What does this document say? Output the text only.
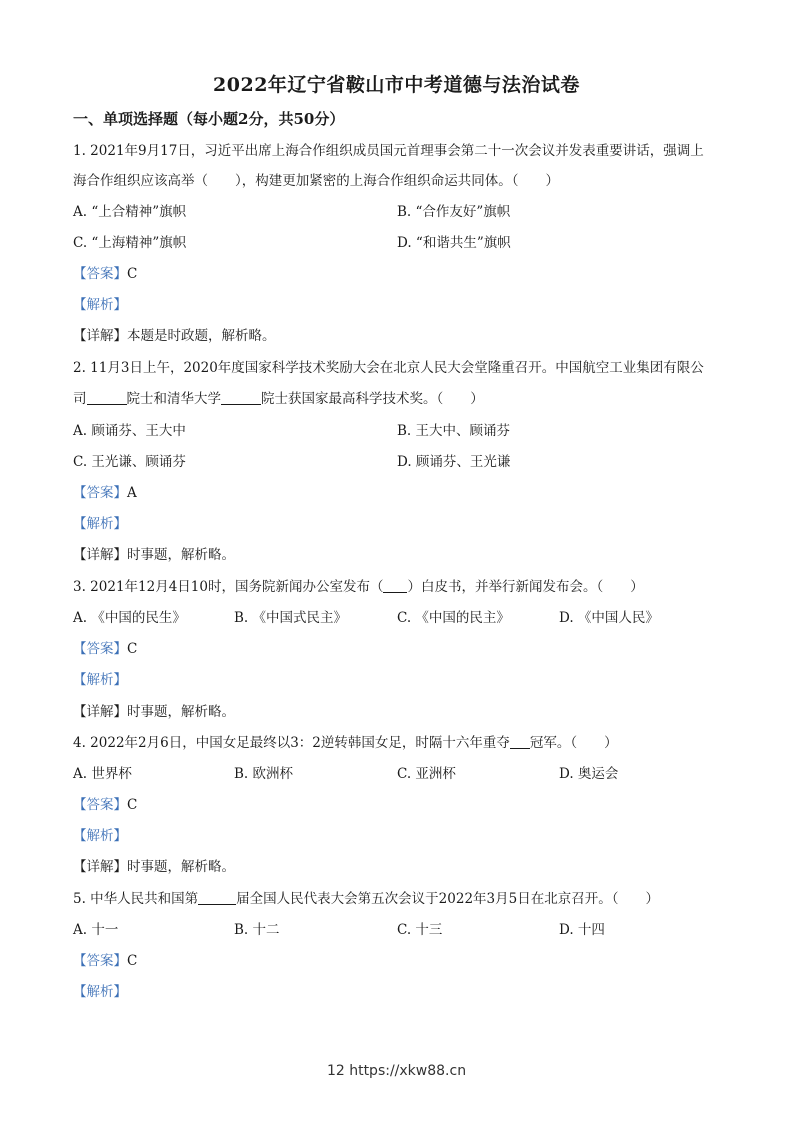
2022年辽宁省鞍山市中考道德与法治试卷
一、单项选择题（每小题2分，共50分）
1. 2021年9月17日，习近平出席上海合作组织成员国元首理事会第二十一次会议并发表重要讲话，强调上
海合作组织应该高举（　　），构建更加紧密的上海合作组织命运共同体。（　　）
A. “上合精神”旗帜	B. “合作友好”旗帜
C. “上海精神”旗帜	D. “和谐共生”旗帜
【答案】C
【解析】
【详解】本题是时政题，解析略。
2. 11月3日上午，2020年度国家科学技术奖励大会在北京人民大会堂隆重召开。中国航空工业集团有限公
司	院士和清华大学	院士获国家最高科学技术奖。（　　）
A. 顾诵芬、王大中	B. 王大中、顾诵芬
C. 王光谦、顾诵芬	D. 顾诵芬、王光谦
【答案】A
【解析】
【详解】时事题，解析略。
3. 2021年12月4日10时，国务院新闻办公室发布（ ）白皮书，并举行新闻发布会。（　　）
A. 《中国的民生》	B. 《中国式民主》	C. 《中国的民主》	D. 《中国人民》
【答案】C
【解析】
【详解】时事题，解析略。
4. 2022年2月6日，中国女足最终以3：2逆转韩国女足，时隔十六年重夺 冠军。（　　）
A. 世界杯	B. 欧洲杯	C. 亚洲杯	D. 奥运会
【答案】C
【解析】
【详解】时事题，解析略。
5. 中华人民共和国第	届全国人民代表大会第五次会议于2022年3月5日在北京召开。（　　）
A. 十一	B. 十二	C. 十三	D. 十四
【答案】C
【解析】
12 https://xkw88.cn
